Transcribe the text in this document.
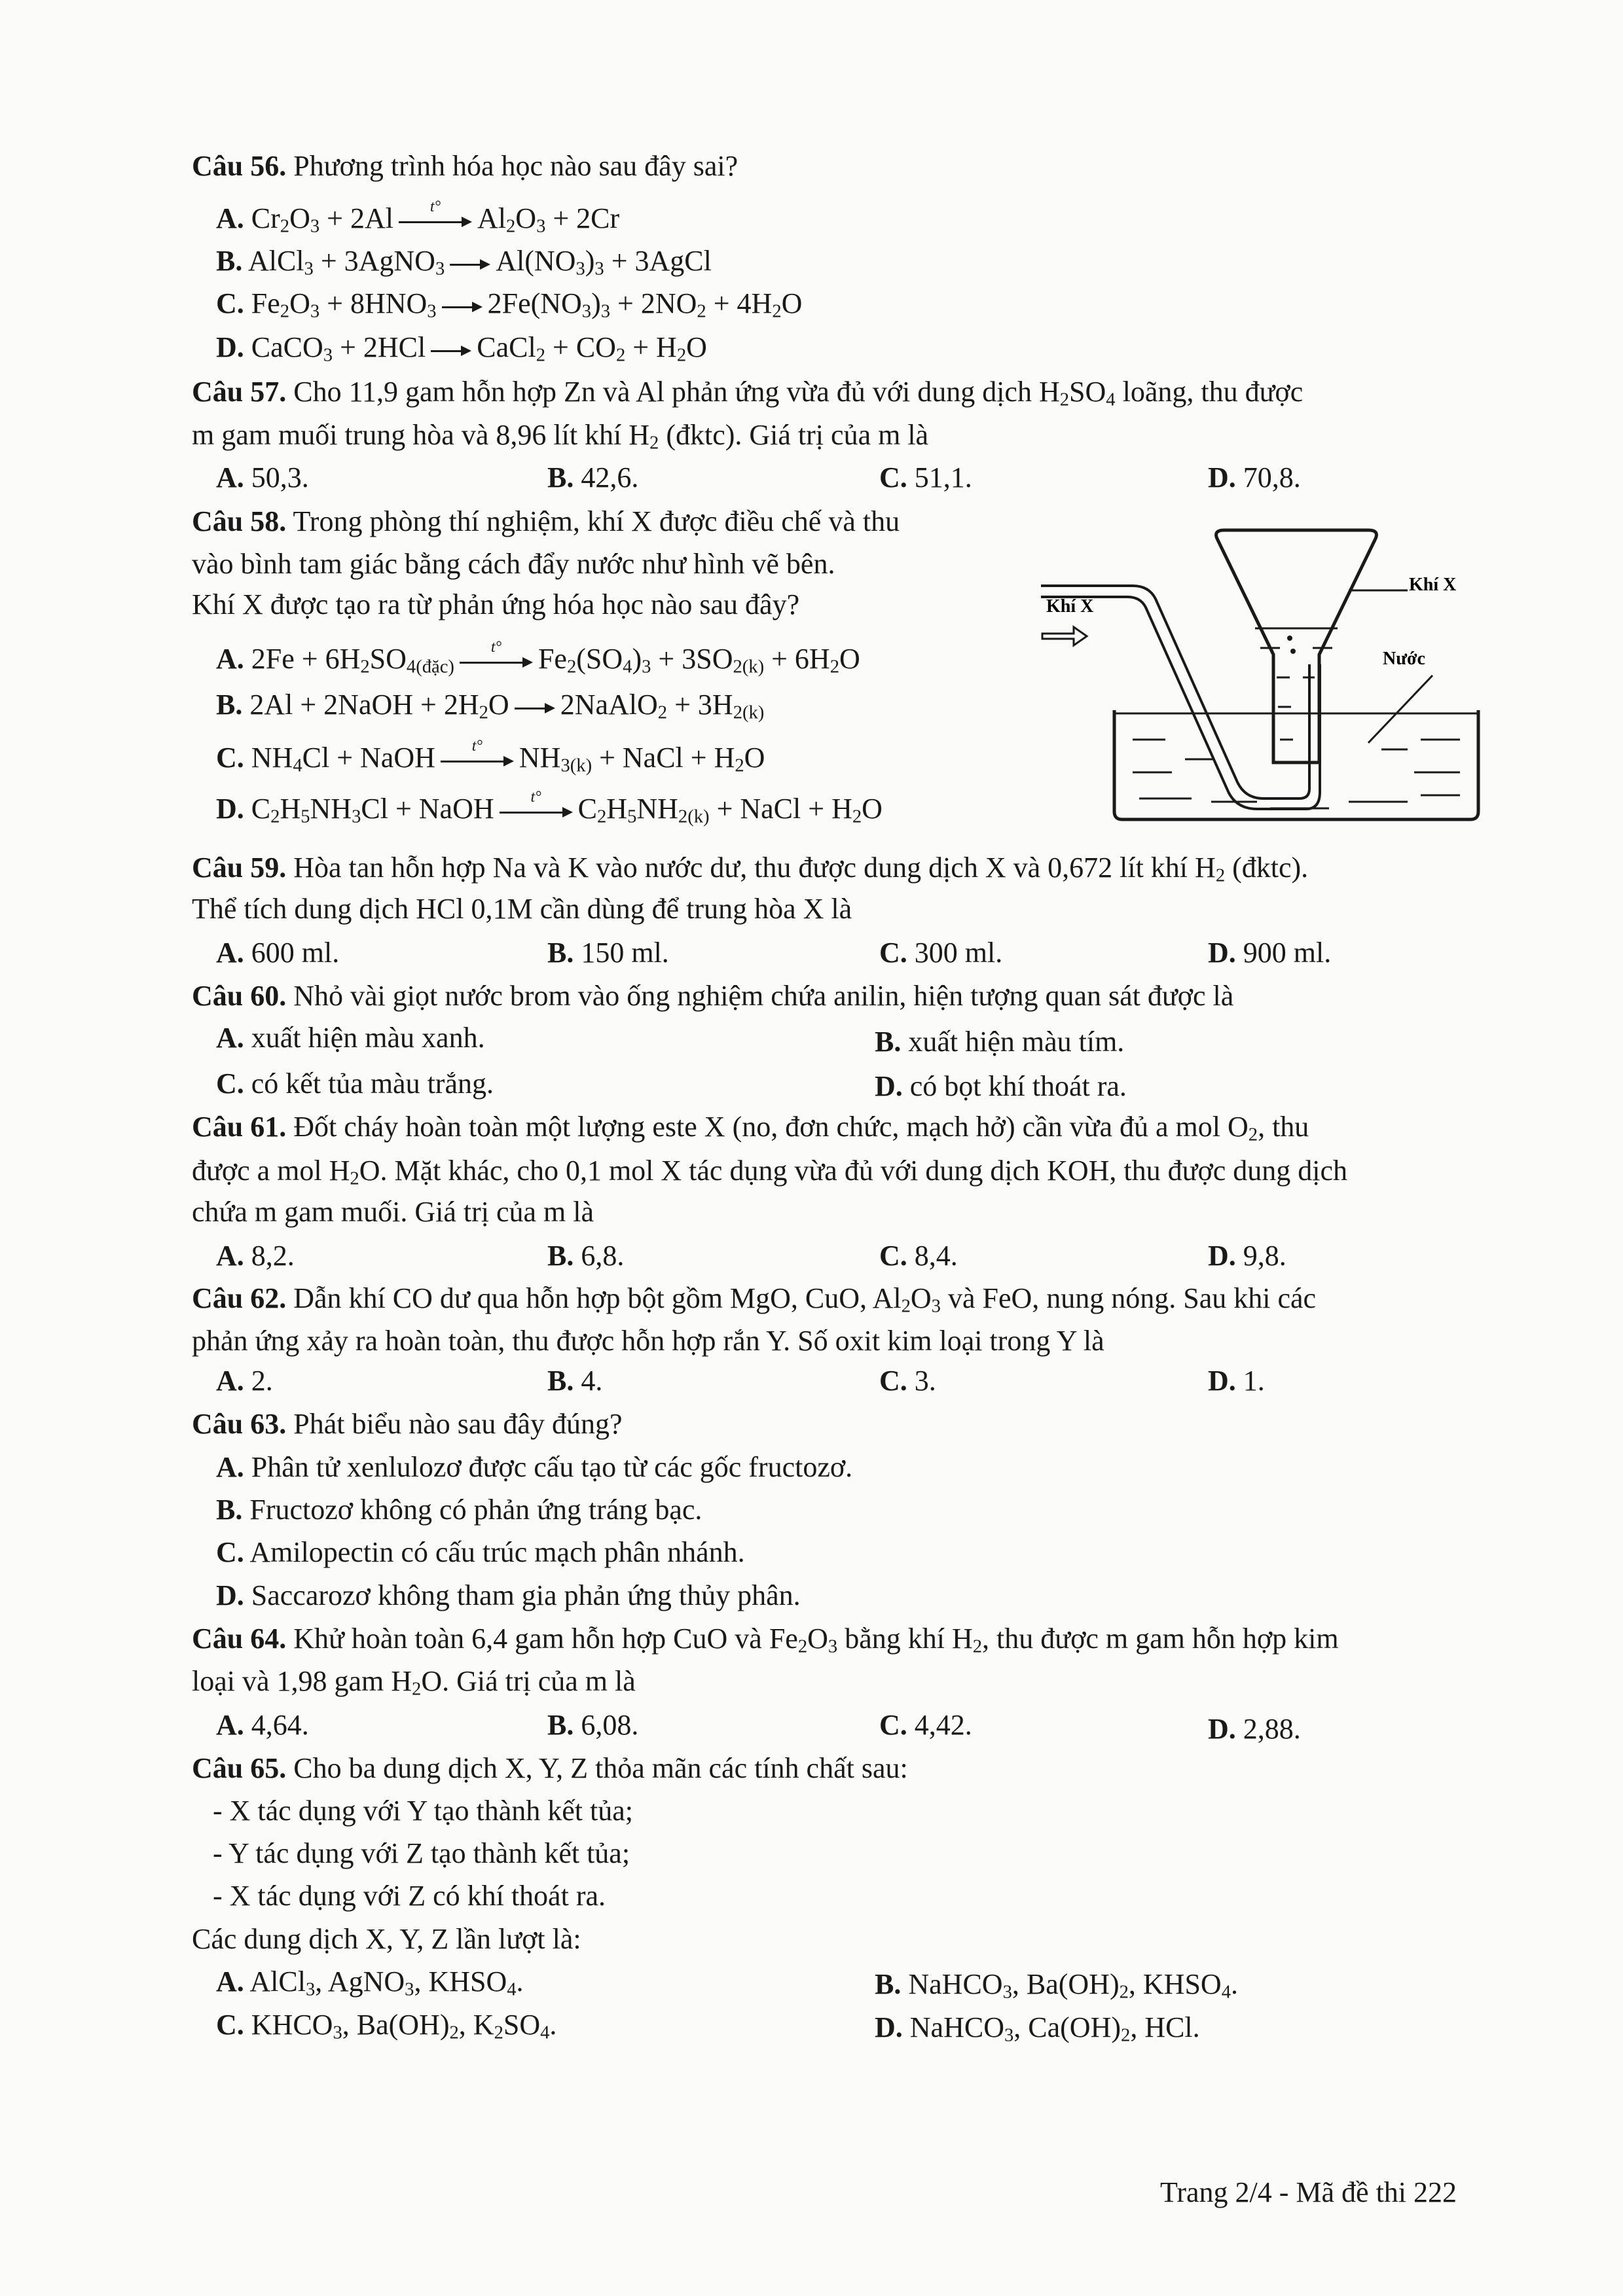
Câu 56. Phương trình hóa học nào sau đây sai?
A. $Cr_2O_3 + 2Al$ t° $Al_2O_3 + 2Cr$
B. AlCl$_3$ + 3AgNO$_3$ $Al(NO_3)_3$ + 3AgCl
C. $Fe_2O_3 + 8HNO_3$ $2Fe(NO_3)_3 + 2NO_2 + 4H_2O$
D. CaCO$_3$ + 2HCl CaCl$_2$ + $CO_2 + H_2O$
Câu 57. Cho 11,9 gam hỗn hợp Zn và Al phản ứng vừa đủ với dung dịch $H_2SO_4$ loãng, thu được
m gam muối trung hòa và 8,96 lít khí $H_2$ (đktc). Giá trị của m là
A. 50,3.	B. 42,6.	C. 51,1.	D. 70,8.
Câu 58. Trong phòng thí nghiệm, khí X được điều chế và thu
vào bình tam giác bằng cách đẩy nước như hình vẽ bên.
Khí X được tạo ra từ phản ứng hóa học nào sau đây?
A. $2Fe + 6H_2SO_{4(đặc)}$
t° $Fe_2(SO_4)_3 + 3SO_{2(k)} + 6H_2O$
B. 2Al + 2NaOH + $2H_2O$ 2NaAlO$_2$ + $3H_{2(k)}$
C. $NH_4Cl$ + NaOH t° $NH_{3(k)}$ + NaCl + $H_2O$
D. $C_2H_5NH_3Cl$ + NaOH t° $C_2H_5NH_{2(k)}$ + NaCl + $H_2O$
Khí X
Khí X
Nước
Câu 59. Hòa tan hỗn hợp Na và K vào nước dư, thu được dung dịch X và 0,672 lít khí $H_2$ (đktc).
Thể tích dung dịch HCl 0,1M cần dùng để trung hòa X là
A. 600 ml.	B. 150 ml.	C. 300 ml.	D. 900 ml.
Câu 60. Nhỏ vài giọt nước brom vào ống nghiệm chứa anilin, hiện tượng quan sát được là
A. xuất hiện màu xanh.	B. xuất hiện màu tím.
C. có kết tủa màu trắng.	D. có bọt khí thoát ra.
Câu 61. Đốt cháy hoàn toàn một lượng este X (no, đơn chức, mạch hở) cần vừa đủ a mol $O_2$, thu
được a mol $H_2O$. Mặt khác, cho 0,1 mol X tác dụng vừa đủ với dung dịch KOH, thu được dung dịch
chứa m gam muối. Giá trị của m là
A. 8,2.	B. 6,8.	C. 8,4.	D. 9,8.
Câu 62. Dẫn khí CO dư qua hỗn hợp bột gồm MgO, CuO, $Al_2O_3$ và FeO, nung nóng. Sau khi các
phản ứng xảy ra hoàn toàn, thu được hỗn hợp rắn Y. Số oxit kim loại trong Y là
A. 2.	B. 4.	C. 3.	D. 1.
Câu 63. Phát biểu nào sau đây đúng?
A. Phân tử xenlulozơ được cấu tạo từ các gốc fructozơ.
B. Fructozơ không có phản ứng tráng bạc.
C. Amilopectin có cấu trúc mạch phân nhánh.
D. Saccarozơ không tham gia phản ứng thủy phân.
Câu 64. Khử hoàn toàn 6,4 gam hỗn hợp CuO và $Fe_2O_3$ bằng khí $H_2$, thu được m gam hỗn hợp kim
loại và 1,98 gam $H_2O$. Giá trị của m là
A. 4,64.	B. 6,08.	C. 4,42.	D. 2,88.
Câu 65. Cho ba dung dịch X, Y, Z thỏa mãn các tính chất sau:
- X tác dụng với Y tạo thành kết tủa;
- Y tác dụng với Z tạo thành kết tủa;
- X tác dụng với Z có khí thoát ra.
Các dung dịch X, Y, Z lần lượt là:
A. AlCl$_3$, AgNO$_3$, $KHSO_4$.	B. NaHCO$_3$, $Ba(OH)_2$, $KHSO_4$.
C. $KHCO_3$, $Ba(OH)_2$, $K_2SO_4$.	D. NaHCO$_3$, $Ca(OH)_2$, HCl.
Trang 2/4 - Mã đề thi 222
